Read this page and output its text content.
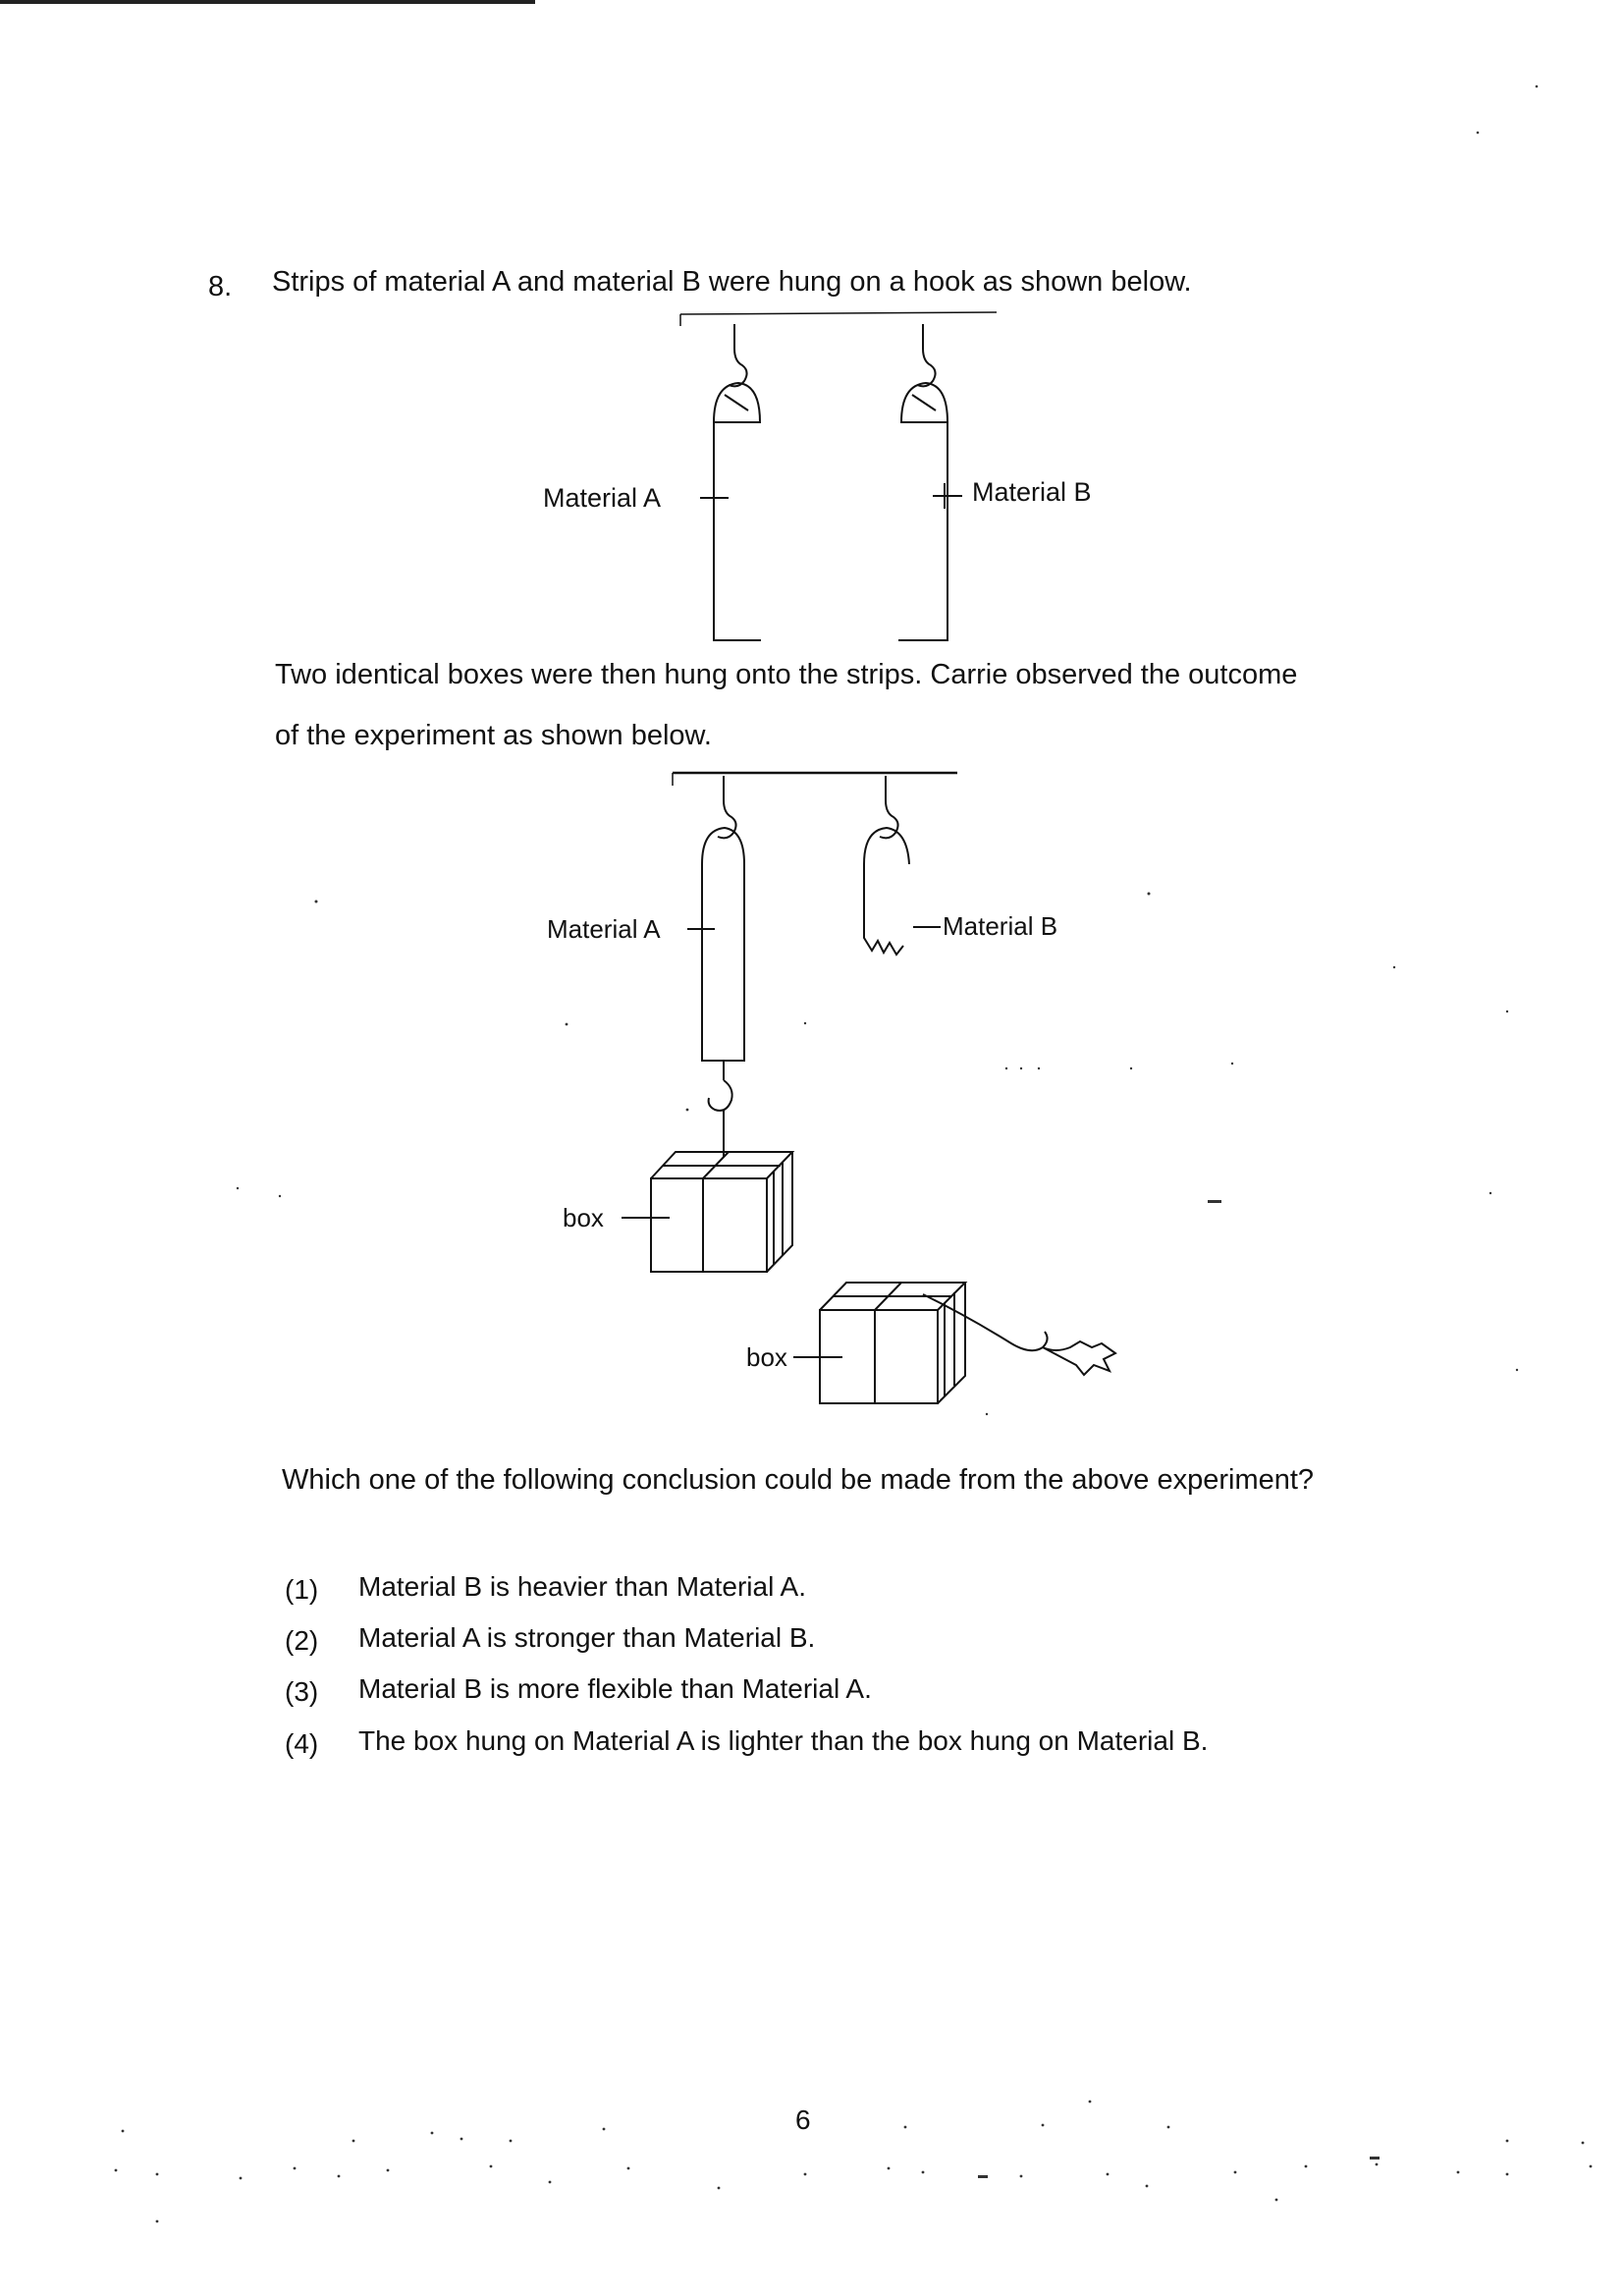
8. Strips of material A and material B were hung on a hook as shown below.
Two identical boxes were then hung onto the strips. Carrie observed the outcome
of the experiment as shown below.
Which one of the following conclusion could be made from the above experiment?
(1) Material B is heavier than Material A.
(2) Material A is stronger than Material B.
(3) Material B is more flexible than Material A.
(4) The box hung on Material A is lighter than the box hung on Material B.
6
Material A	Material B
Material A	Material B
box
box
